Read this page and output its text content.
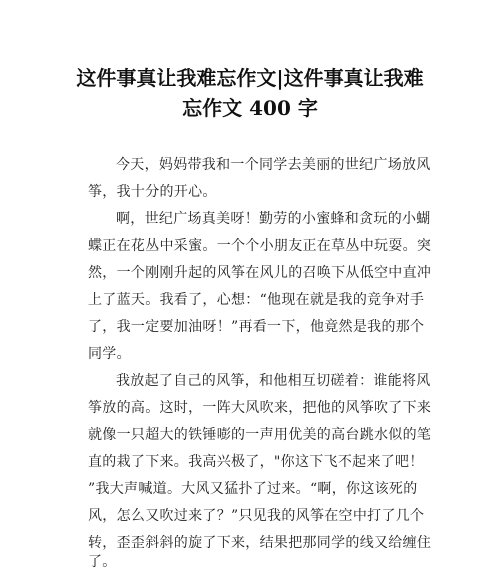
这件事真让我难忘作文|这件事真让我难
忘作文 400 字
今天，妈妈带我和一个同学去美丽的世纪广场放风
筝，我十分的开心。
啊，世纪广场真美呀！勤劳的小蜜蜂和贪玩的小蝴
蝶正在花丛中采蜜。一个个小朋友正在草丛中玩耍。突
然，一个刚刚升起的风筝在风儿的召唤下从低空中直冲
上了蓝天。我看了，心想：“他现在就是我的竞争对手
了，我一定要加油呀！”再看一下，他竟然是我的那个
同学。
我放起了自己的风筝，和他相互切磋着：谁能将风
筝放的高。这时，一阵大风吹来，把他的风筝吹了下来
就像一只超大的铁锤嘭的一声用优美的高台跳水似的笔
直的栽了下来。我高兴极了，"你这下飞不起来了吧！
”我大声喊道。大风又猛扑了过来。“啊，你这该死的
风，怎么又吹过来了？”只见我的风筝在空中打了几个
转，歪歪斜斜的旋了下来，结果把那同学的线又给缠住
了。
